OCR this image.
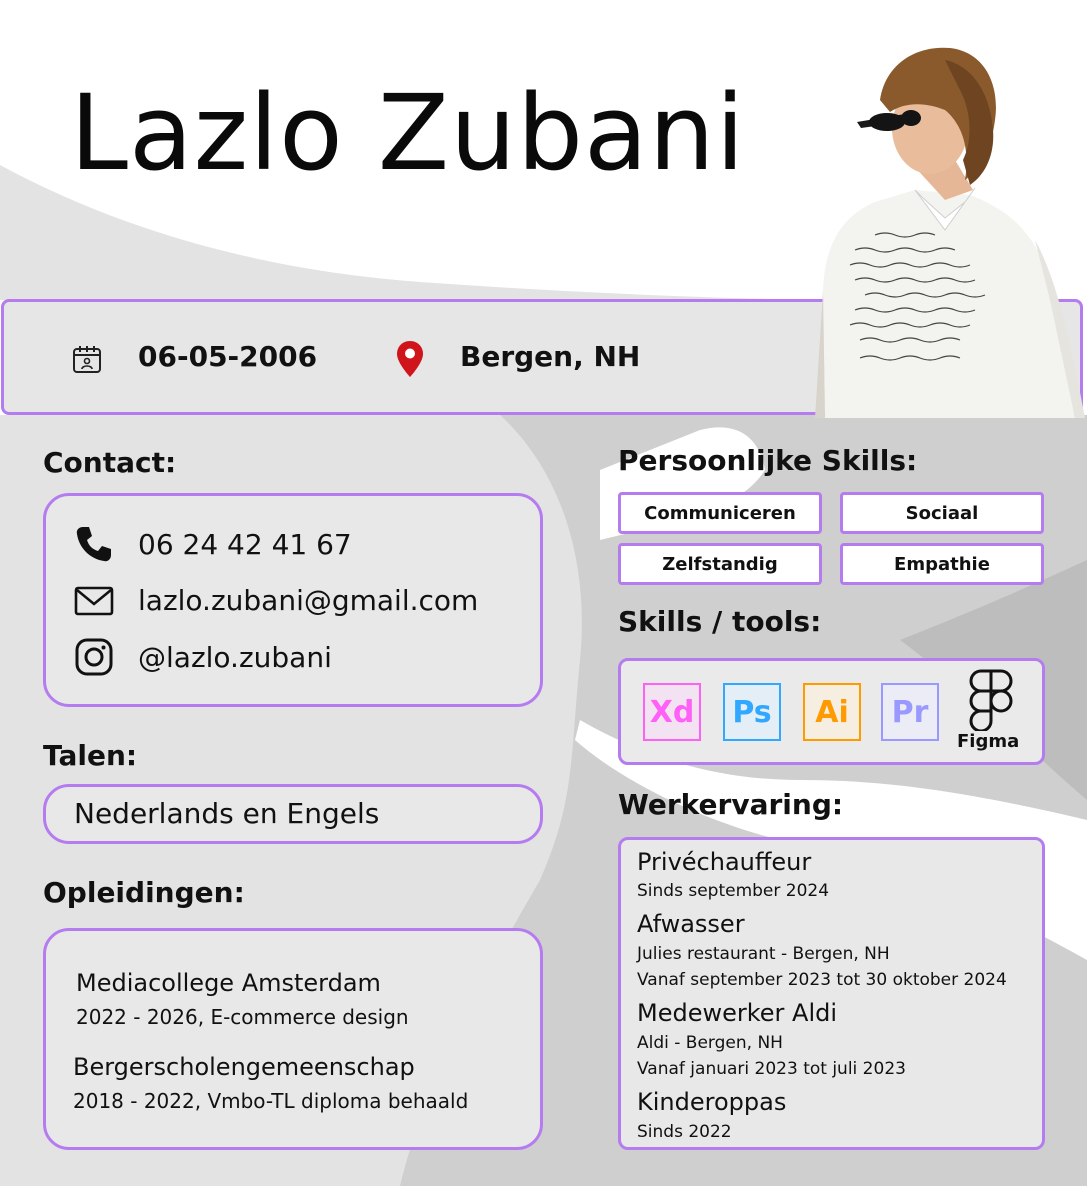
Lazlo Zubani
06-05-2006	Bergen, NH
Contact:
06 24 42 41 67
lazlo.zubani@gmail.com
@lazlo.zubani
Talen:
Nederlands en Engels
Opleidingen:
Mediacollege Amsterdam
2022 - 2026, E-commerce design
Bergerscholengemeenschap
2018 - 2022, Vmbo-TL diploma behaald
Persoonlijke Skills:
Communiceren	Sociaal
Zelfstandig	Empathie
Skills / tools:
Xd	Ps	Ai	Pr
Figma
Werkervaring:
Privéchauffeur
Sinds september 2024
Afwasser
Julies restaurant - Bergen, NH
Vanaf september 2023 tot 30 oktober 2024
Medewerker Aldi
Aldi - Bergen, NH
Vanaf januari 2023 tot juli 2023
Kinderoppas
Sinds 2022
